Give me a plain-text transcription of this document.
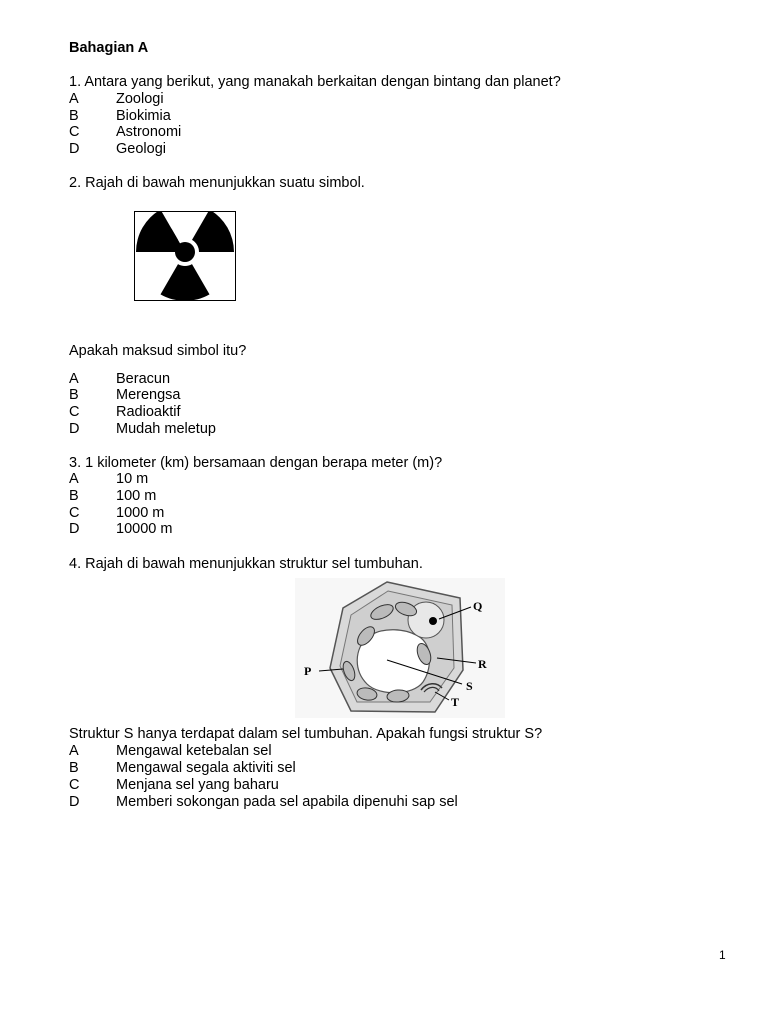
Bahagian A
1. Antara yang berikut, yang manakah berkaitan dengan bintang dan planet?
A	Zoologi
B	Biokimia
C	Astronomi
D	Geologi
2. Rajah di bawah menunjukkan suatu simbol.
Apakah maksud simbol itu?
A	Beracun
B	Merengsa
C	Radioaktif
D	Mudah meletup
3. 1 kilometer (km) bersamaan dengan berapa meter (m)?
A	10 m
B	100 m
C	1000 m
D	10000 m
4. Rajah di bawah menunjukkan struktur sel tumbuhan.
Q
R
S
T
P
Struktur S hanya terdapat dalam sel tumbuhan. Apakah fungsi struktur S?
A	Mengawal ketebalan sel
B	Mengawal segala aktiviti sel
C	Menjana sel yang baharu
D	Memberi sokongan pada sel apabila dipenuhi sap sel
1
